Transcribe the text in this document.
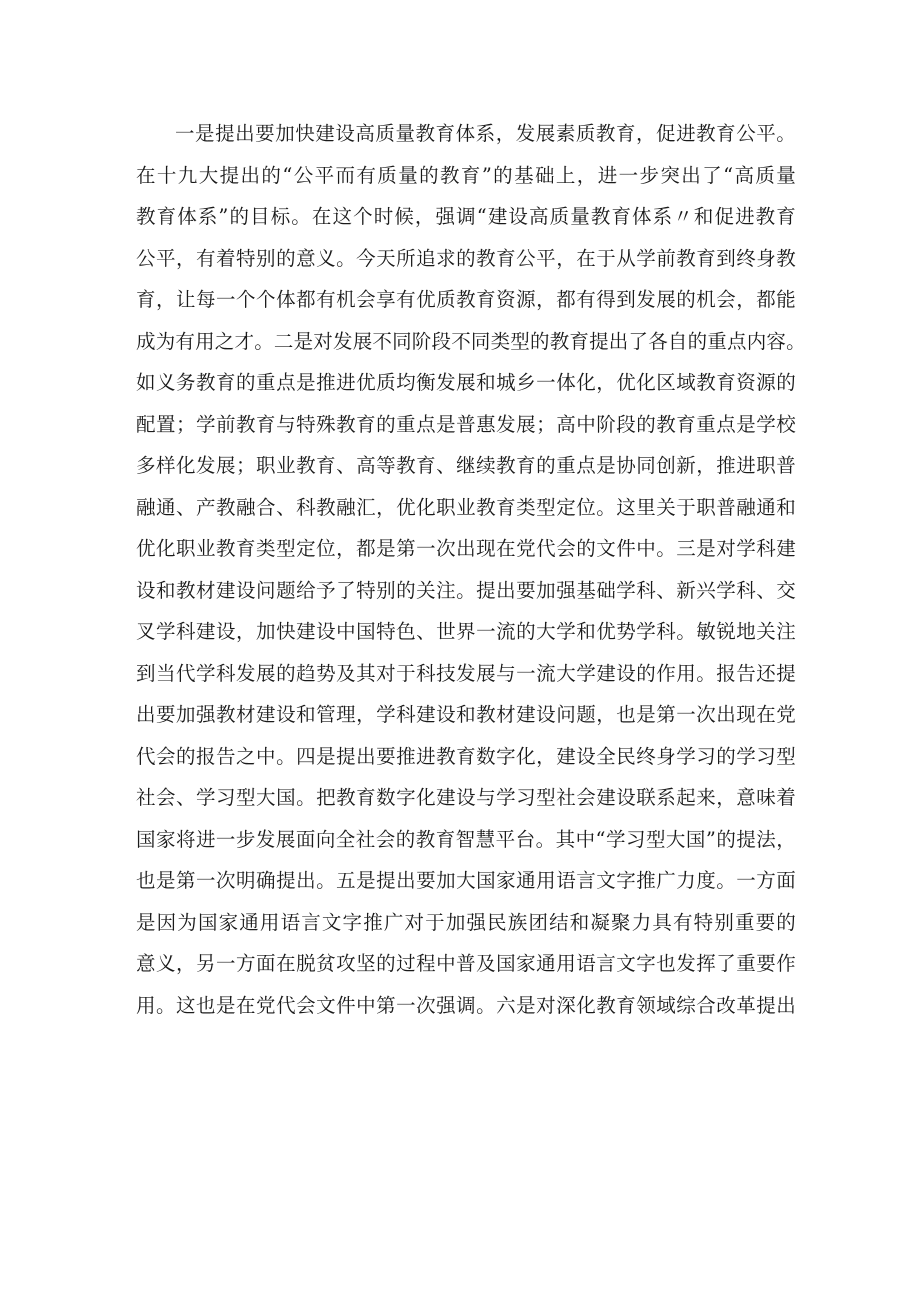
一是提出要加快建设高质量教育体系，发展素质教育，促进教育公平。
在十九大提出的“公平而有质量的教育”的基础上，进一步突出了“高质量
教育体系”的目标。在这个时候，强调“建设高质量教育体系〃和促进教育
公平，有着特别的意义。今天所追求的教育公平，在于从学前教育到终身教
育，让每一个个体都有机会享有优质教育资源，都有得到发展的机会，都能
成为有用之才。二是对发展不同阶段不同类型的教育提出了各自的重点内容。
如义务教育的重点是推进优质均衡发展和城乡一体化，优化区域教育资源的
配置；学前教育与特殊教育的重点是普惠发展；高中阶段的教育重点是学校
多样化发展；职业教育、高等教育、继续教育的重点是协同创新，推进职普
融通、产教融合、科教融汇，优化职业教育类型定位。这里关于职普融通和
优化职业教育类型定位，都是第一次出现在党代会的文件中。三是对学科建
设和教材建设问题给予了特别的关注。提出要加强基础学科、新兴学科、交
叉学科建设，加快建设中国特色、世界一流的大学和优势学科。敏锐地关注
到当代学科发展的趋势及其对于科技发展与一流大学建设的作用。报告还提
出要加强教材建设和管理，学科建设和教材建设问题，也是第一次出现在党
代会的报告之中。四是提出要推进教育数字化，建设全民终身学习的学习型
社会、学习型大国。把教育数字化建设与学习型社会建设联系起来，意味着
国家将进一步发展面向全社会的教育智慧平台。其中“学习型大国”的提法，
也是第一次明确提出。五是提出要加大国家通用语言文字推广力度。一方面
是因为国家通用语言文字推广对于加强民族团结和凝聚力具有特别重要的
意义，另一方面在脱贫攻坚的过程中普及国家通用语言文字也发挥了重要作
用。这也是在党代会文件中第一次强调。六是对深化教育领域综合改革提出
